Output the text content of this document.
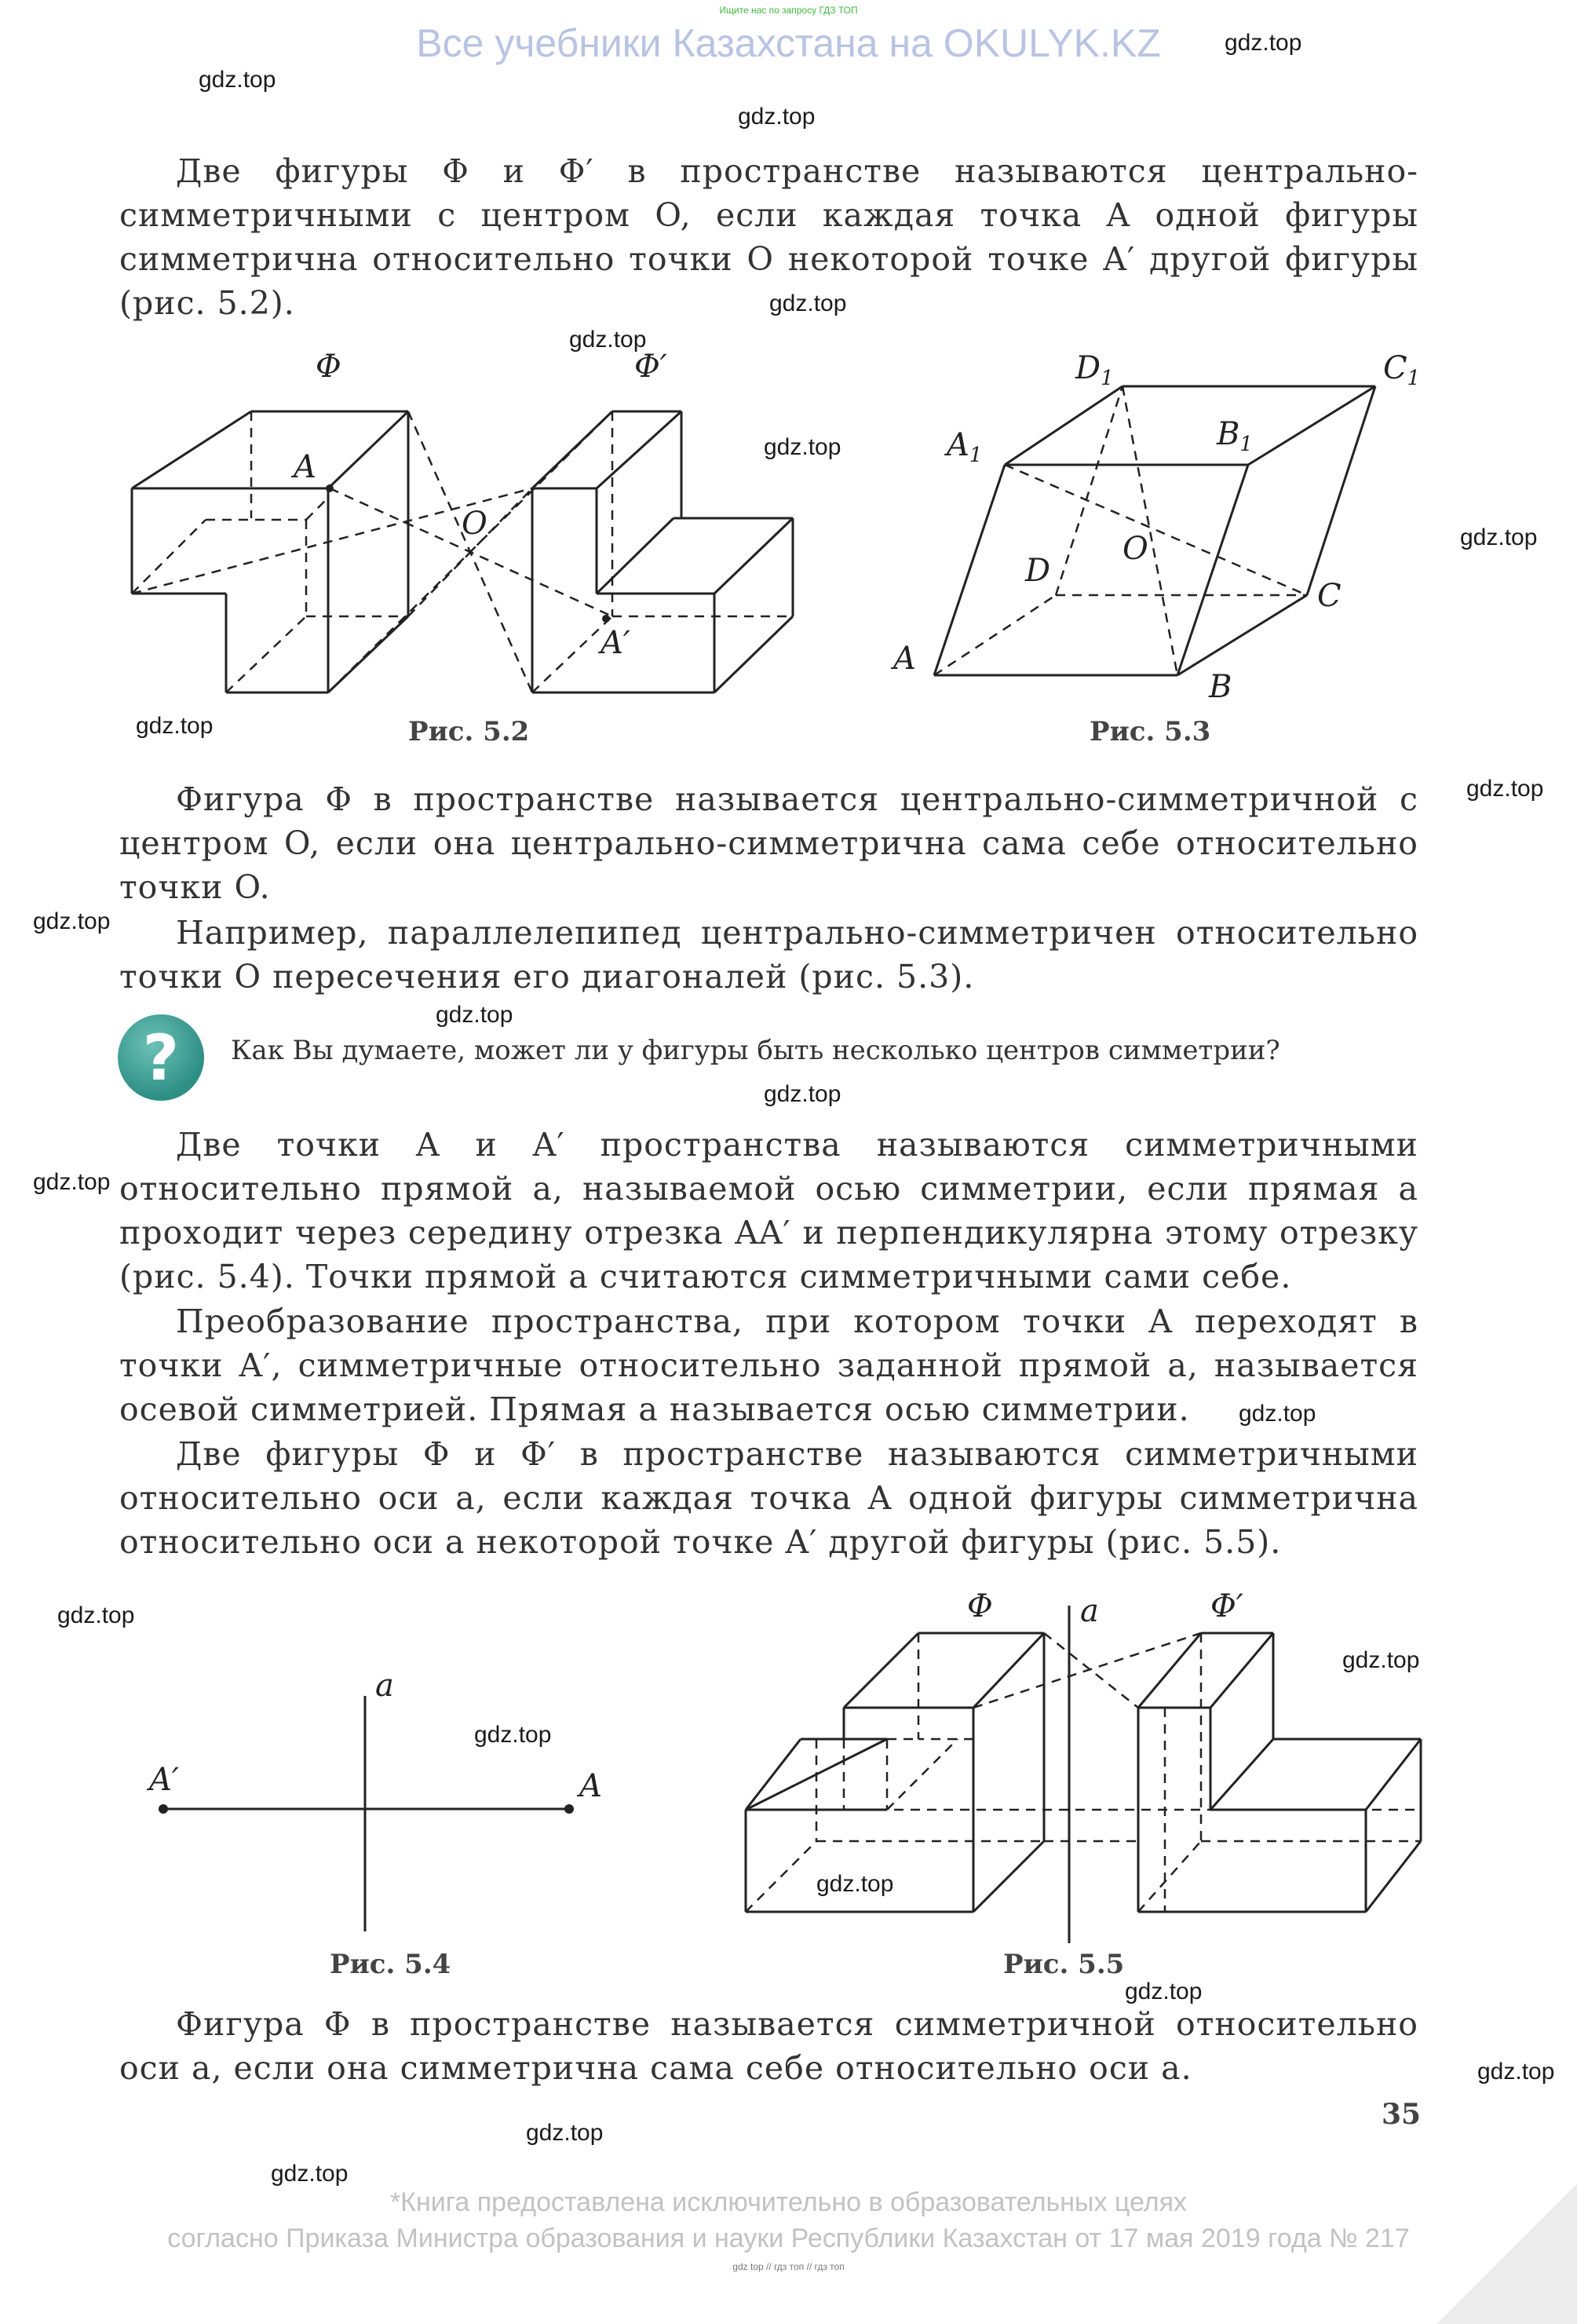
Ищите нас по запросу ГДЗ ТОП
Все учебники Казахстана на OKULYK.KZ	gdz.top
gdz.top
gdz.top
gdz.top
gdz.top
gdz.top
gdz.top
gdz.top
gdz.top
gdz.top
gdz.top
gdz.top
gdz.top
gdz.top
gdz.top
gdz.top
gdz.top
gdz.top
gdz.top
gdz.top
gdz.top
gdz.top
Две фигуры Φ и Φ′ в пространстве называются центрально-симметричными с центром O, если каждая точка A одной фигуры симметрична относительно точки O некоторой точке A′ другой фигуры (рис. 5.2).
Φ	Φ′
A
A′
O
Рис. 5.2
$D_1$	$C_1$
$A_1$
$B_1$
O
D
C
A
B
Рис. 5.3
Фигура Φ в пространстве называется центрально-симметричной с центром O, если она центрально-симметрична сама себе относительно точки O.
Например, параллелепипед центрально-симметричен относительно точки O пересечения его диагоналей (рис. 5.3).
? Как Вы думаете, может ли у фигуры быть несколько центров симметрии?
Две точки A и A′ пространства называются симметричными относительно прямой a, называемой осью симметрии, если прямая a проходит через середину отрезка AA′ и перпендикулярна этому отрезку (рис. 5.4). Точки прямой a считаются симметричными сами себе.
Преобразование пространства, при котором точки A переходят в точки A′, симметричные относительно заданной прямой a, называется осевой симметрией. Прямая a называется осью симметрии.
Две фигуры Φ и Φ′ в пространстве называются симметричными относительно оси a, если каждая точка A одной фигуры симметрична относительно оси a некоторой точке A′ другой фигуры (рис. 5.5).
a
A′	A
Рис. 5.4
Φ	a	Φ′
Рис. 5.5
Фигура Φ в пространстве называется симметричной относительно оси a, если она симметрична сама себе относительно оси a.
35
*Книга предоставлена исключительно в образовательных целях
согласно Приказа Министра образования и науки Республики Казахстан от 17 мая 2019 года № 217
gdz top // гдз топ // гдз топ
